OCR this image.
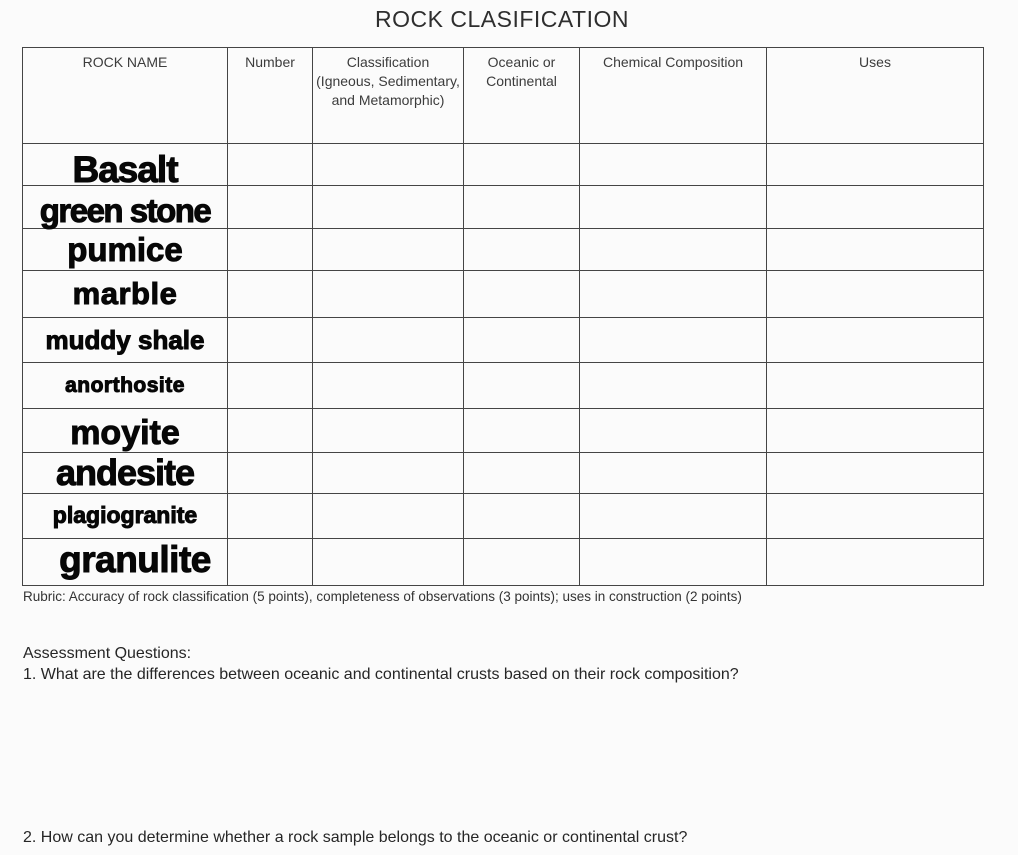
ROCK CLASIFICATION
ROCK NAME	Number	Classification (Igneous, Sedimentary, and Metamorphic)	Oceanic or Continental	Chemical Composition	Uses

Basalt					

green stone					

pumice					

marble					

muddy shale					

anorthosite					

moyite					

andesite					

plagiogranite					

granulite					

Rubric: Accuracy of rock classification (5 points), completeness of observations (3 points); uses in construction (2 points)
Assessment Questions:
1. What are the differences between oceanic and continental crusts based on their rock composition?
2. How can you determine whether a rock sample belongs to the oceanic or continental crust?
